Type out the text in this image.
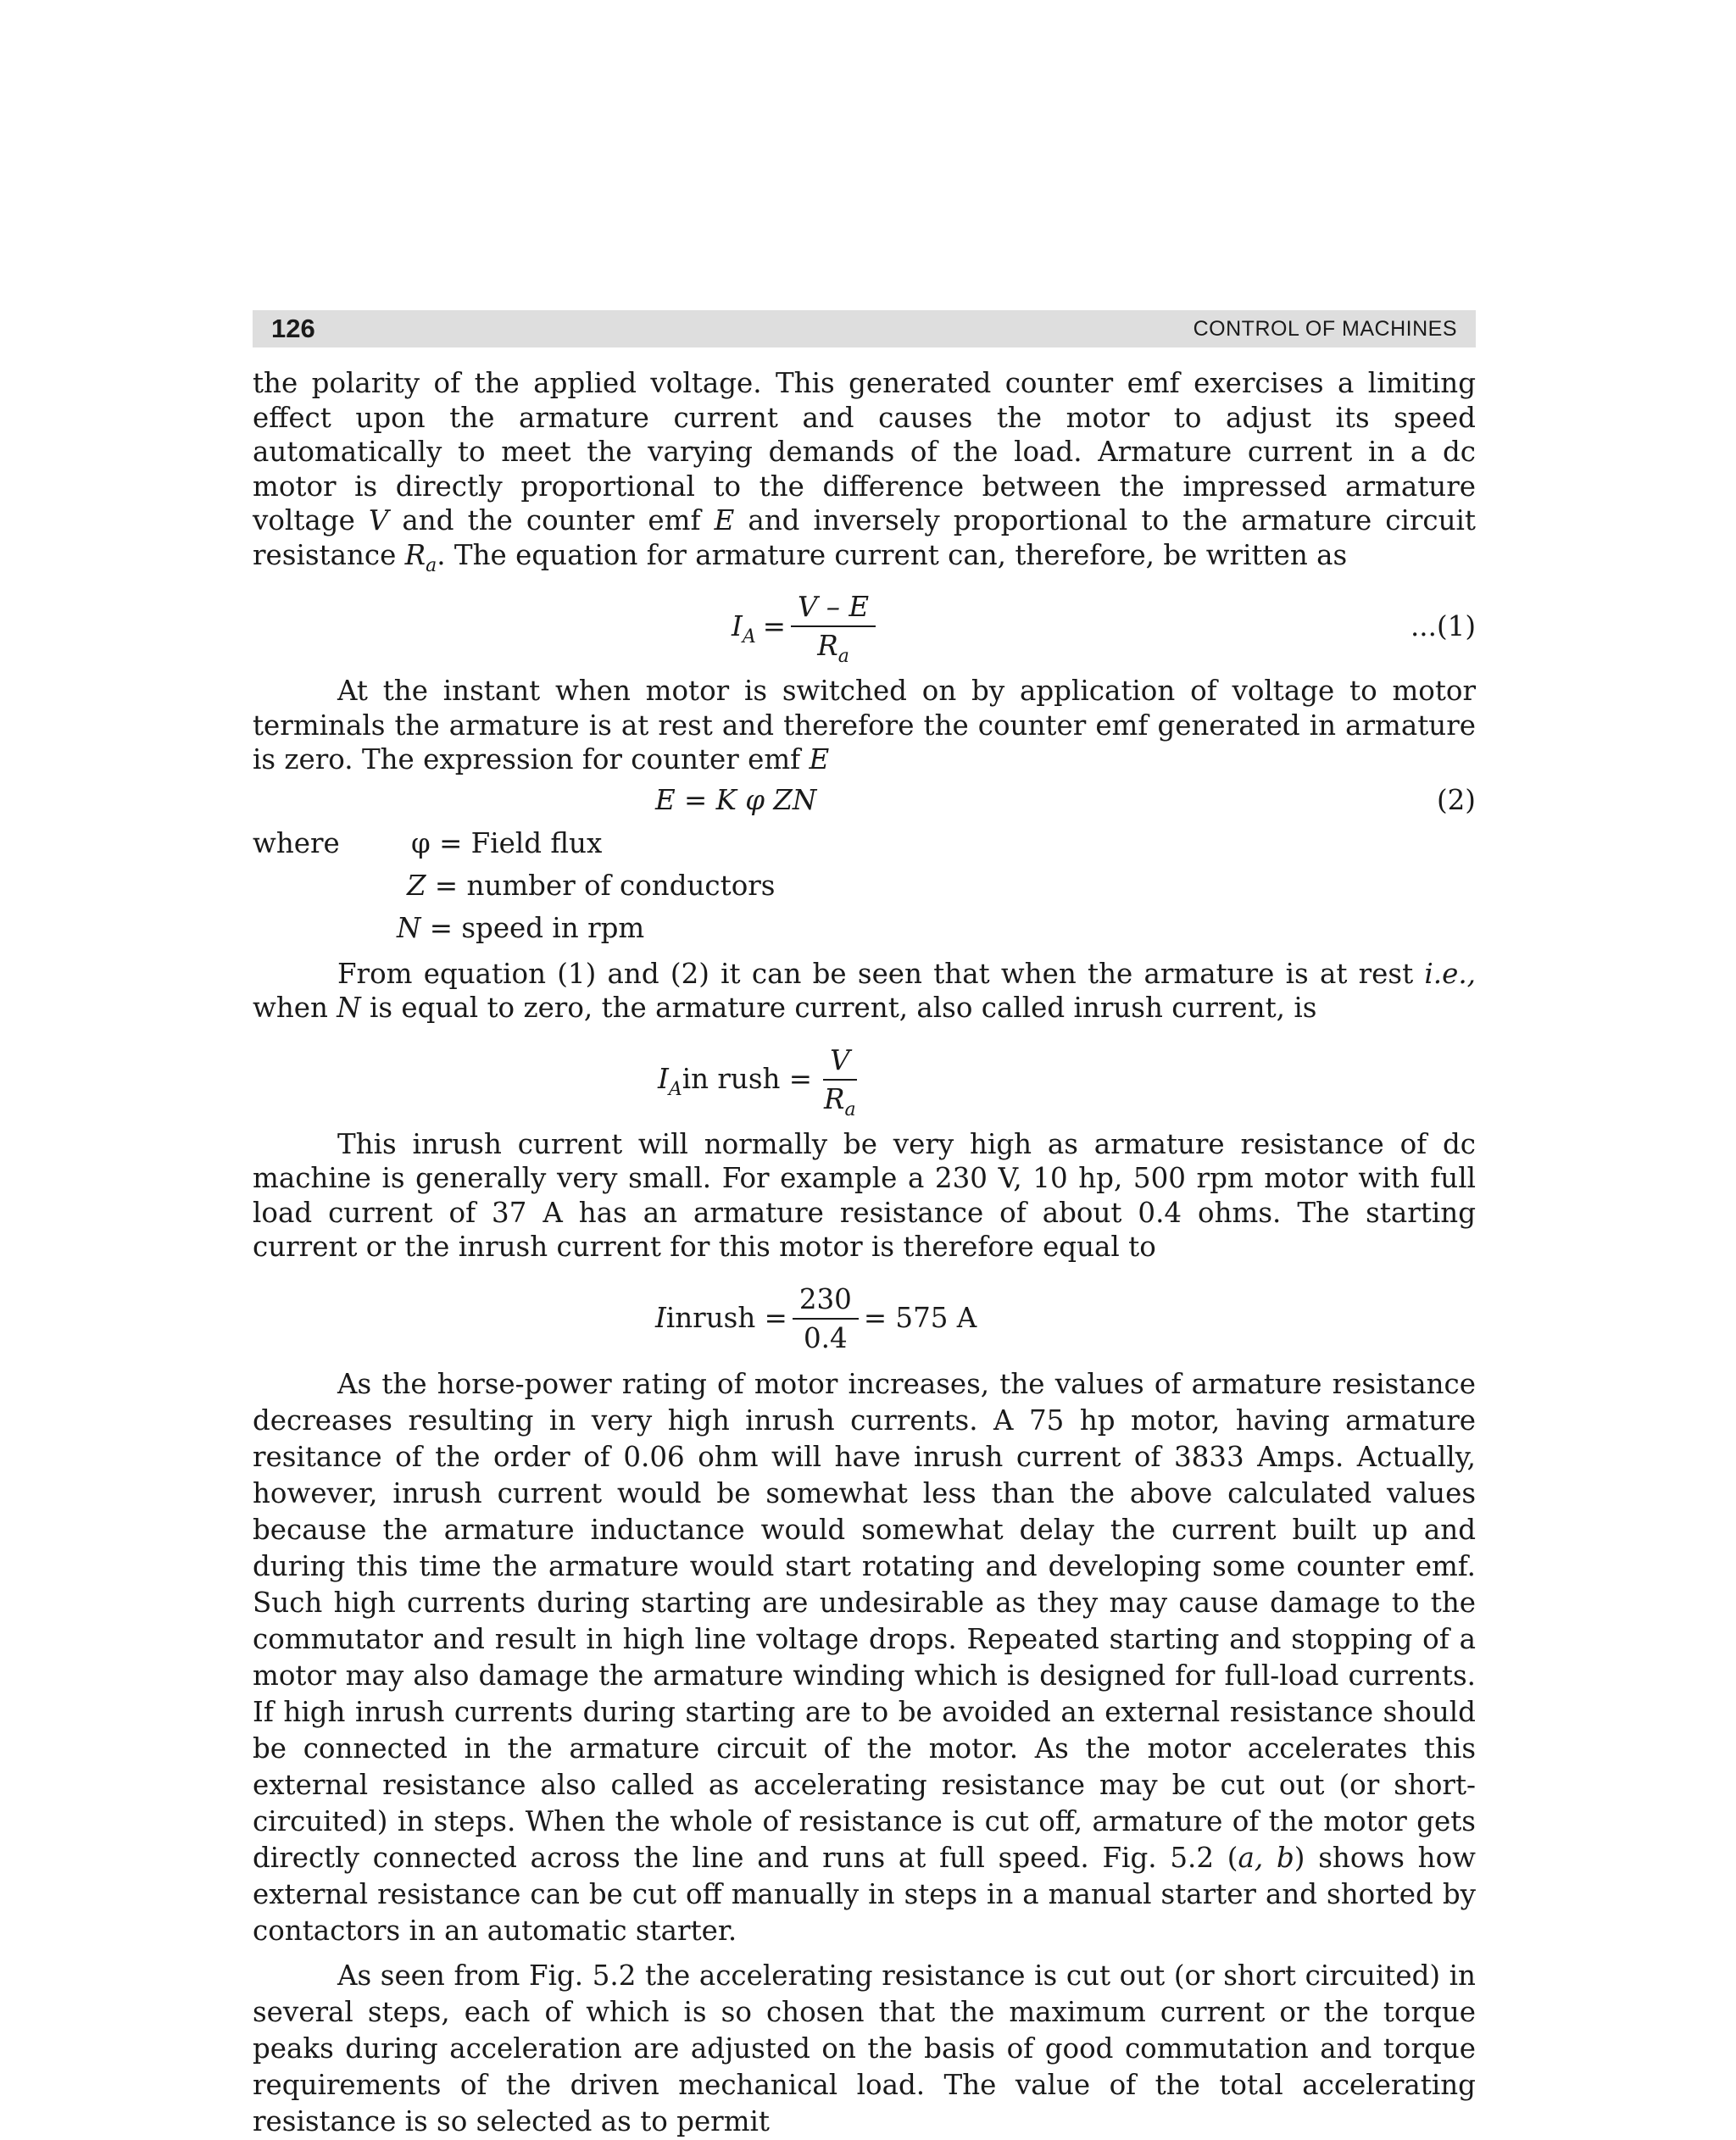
126	CONTROL OF MACHINES

the polarity of the applied voltage. This generated counter emf exercises a limiting effect upon the armature current and causes the motor to adjust its speed automatically to meet the varying demands of the load. Armature current in a dc motor is directly proportional to the difference between the impressed armature voltage V and the counter emf E and inversely proportional to the armature circuit resistance $R_a$. The equation for armature current can, therefore, be written as

$I_A = \frac{V - E}{R_a}$	...(1)

At the instant when motor is switched on by application of voltage to motor terminals the armature is at rest and therefore the counter emf generated in armature is zero. The expression for counter emf E

E = K φ ZN	(2)
where	φ = Field flux
Z = number of conductors
N = speed in rpm

From equation (1) and (2) it can be seen that when the armature is at rest i.e., when N is equal to zero, the armature current, also called inrush current, is

$I_A$ in rush = $\frac{V}{R_a}$

This inrush current will normally be very high as armature resistance of dc machine is generally very small. For example a 230 V, 10 hp, 500 rpm motor with full load current of 37 A has an armature resistance of about 0.4 ohms. The starting current or the inrush current for this motor is therefore equal to

I inrush = $\frac{230}{0.4} = 575$ A

As the horse-power rating of motor increases, the values of armature resistance decreases resulting in very high inrush currents. A 75 hp motor, having armature resitance of the order of 0.06 ohm will have inrush current of 3833 Amps. Actually, however, inrush current would be somewhat less than the above calculated values because the armature inductance would somewhat delay the current built up and during this time the armature would start rotating and developing some counter emf. Such high currents during starting are undesirable as they may cause damage to the commutator and result in high line voltage drops. Repeated starting and stopping of a motor may also damage the armature winding which is designed for full-load currents. If high inrush currents during starting are to be avoided an external resistance should be connected in the armature circuit of the motor. As the motor accelerates this external resistance also called as accelerating resistance may be cut out (or short-circuited) in steps. When the whole of resistance is cut off, armature of the motor gets directly connected across the line and runs at full speed. Fig. 5.2 (a, b) shows how external resistance can be cut off manually in steps in a manual starter and shorted by contactors in an automatic starter.

As seen from Fig. 5.2 the accelerating resistance is cut out (or short circuited) in several steps, each of which is so chosen that the maximum current or the torque peaks during acceleration are adjusted on the basis of good commutation and torque requirements of the driven mechanical load. The value of the total accelerating resistance is so selected as to permit
